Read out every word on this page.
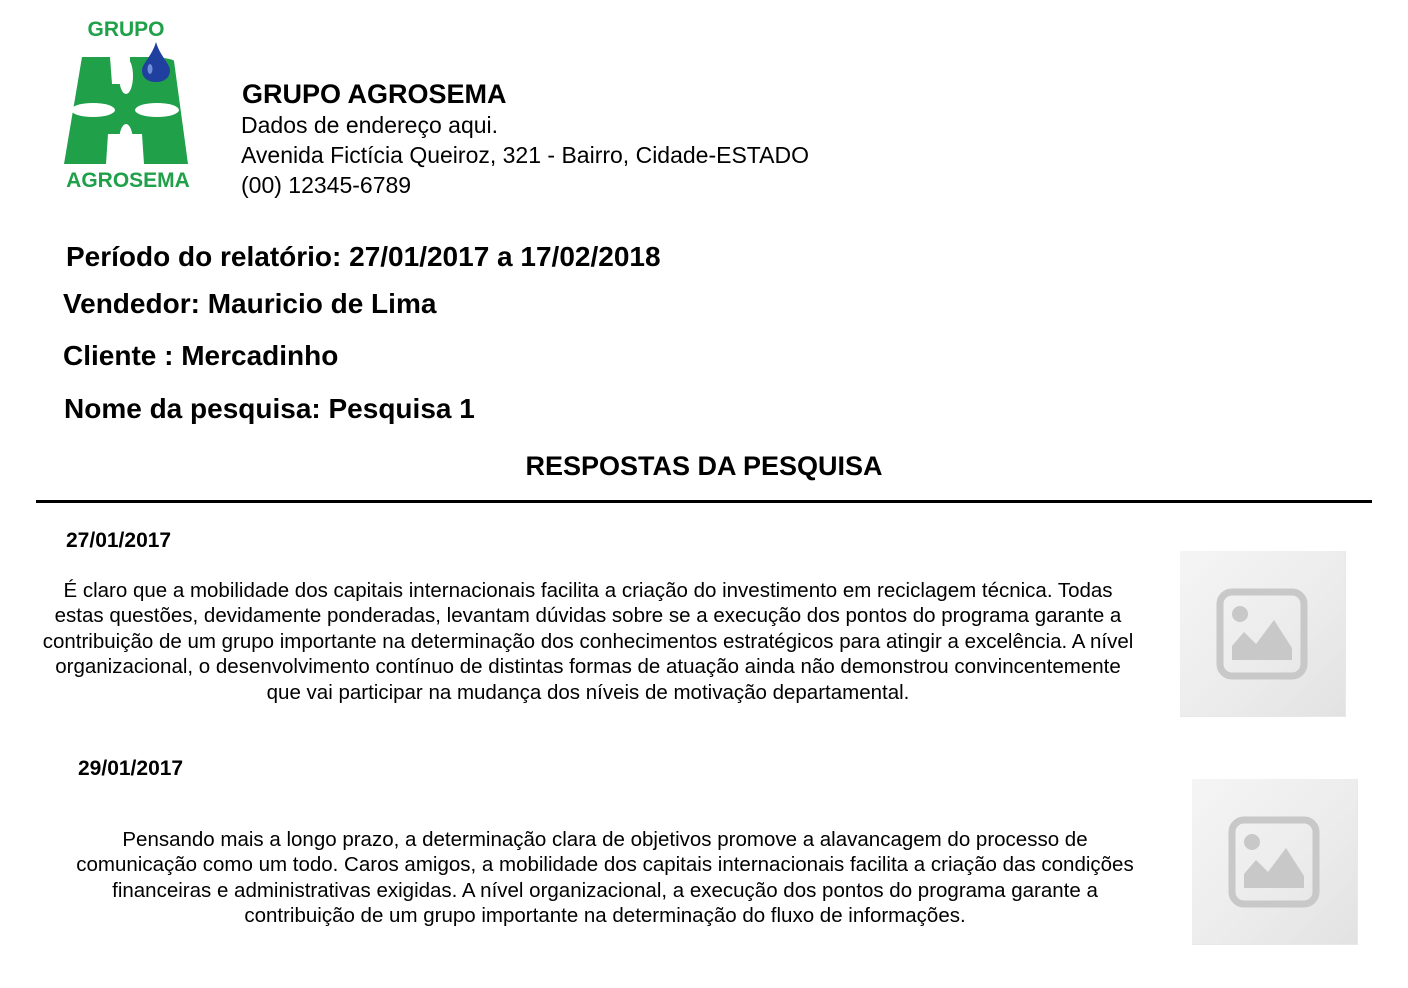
GRUPO
AGROSEMA
GRUPO AGROSEMA
Dados de endereço aqui.
Avenida Fictícia Queiroz, 321 - Bairro, Cidade-ESTADO
(00) 12345-6789
Período do relatório: 27/01/2017 a 17/02/2018
Vendedor: Mauricio de Lima
Cliente : Mercadinho
Nome da pesquisa: Pesquisa 1
RESPOSTAS DA PESQUISA
27/01/2017
É claro que a mobilidade dos capitais internacionais facilita a criação do investimento em reciclagem técnica. Todas estas questões, devidamente ponderadas, levantam dúvidas sobre se a execução dos pontos do programa garante a contribuição de um grupo importante na determinação dos conhecimentos estratégicos para atingir a excelência. A nível organizacional, o desenvolvimento contínuo de distintas formas de atuação ainda não demonstrou convincentemente que vai participar na mudança dos níveis de motivação departamental.
29/01/2017
Pensando mais a longo prazo, a determinação clara de objetivos promove a alavancagem do processo de comunicação como um todo. Caros amigos, a mobilidade dos capitais internacionais facilita a criação das condições financeiras e administrativas exigidas. A nível organizacional, a execução dos pontos do programa garante a contribuição de um grupo importante na determinação do fluxo de informações.
